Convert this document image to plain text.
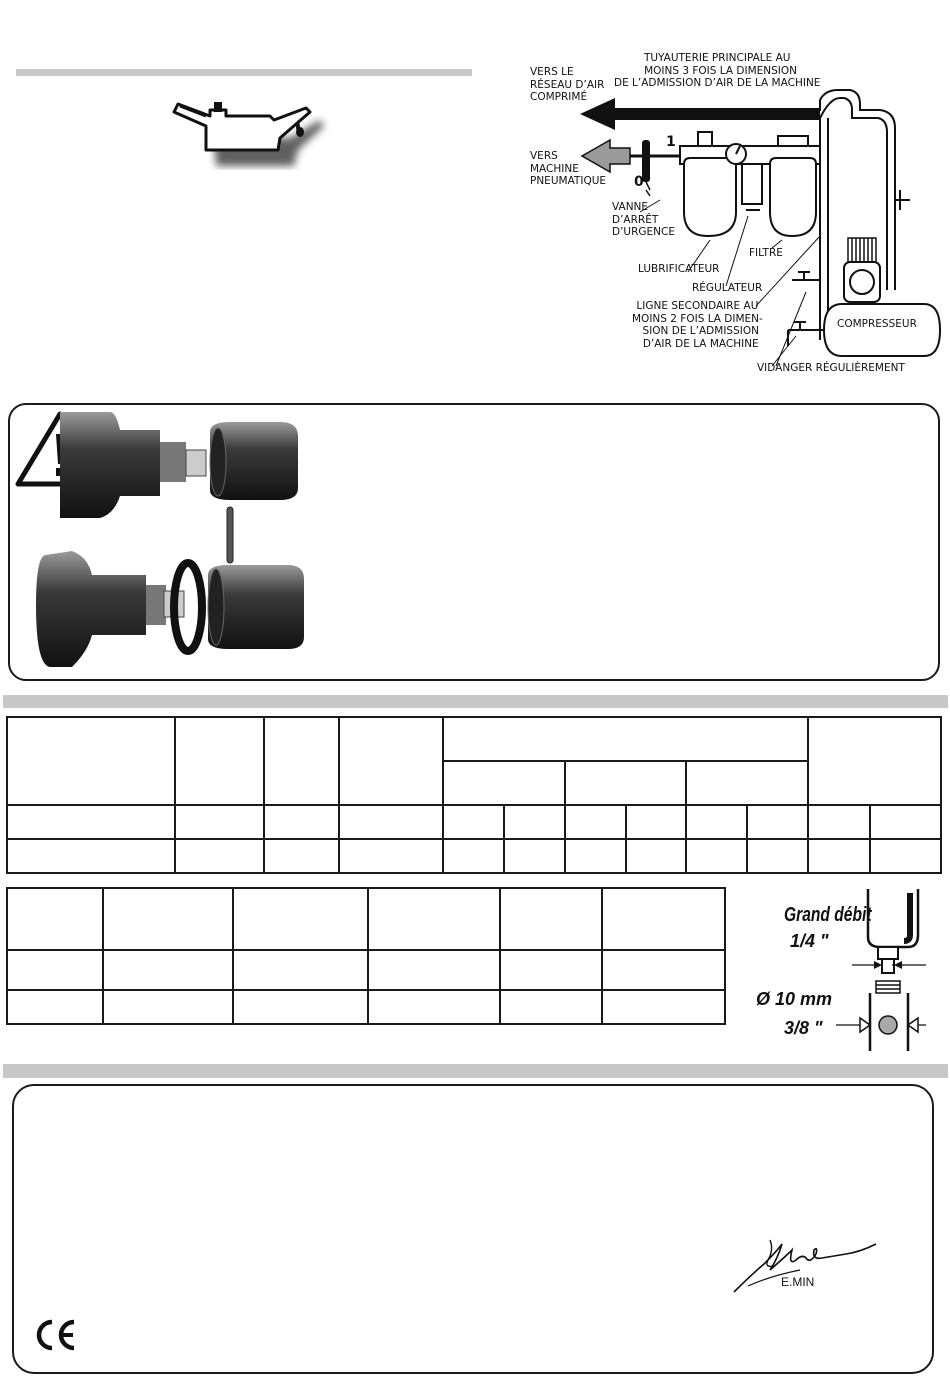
TUYAUTERIE PRINCIPALE AU
MOINS 3 FOIS LA DIMENSION
DE L’ADMISSION D’AIR DE LA MACHINE
VERS LE
RÉSEAU D’AIR
COMPRIMÉ
VERS
MACHINE
PNEUMATIQUE
1
0
VANNE
D’ARRÊT
D’URGENCE
LUBRIFICATEUR
RÉGULATEUR
FILTRE
LIGNE SECONDAIRE AU
MOINS 2 FOIS LA DIMEN-
SION DE L’ADMISSION
D’AIR DE LA MACHINE
COMPRESSEUR
VIDANGER RÉGULIÈREMENT

Grand débit
1/4 "
Ø 10 mm
3/8 "
E.MIN
